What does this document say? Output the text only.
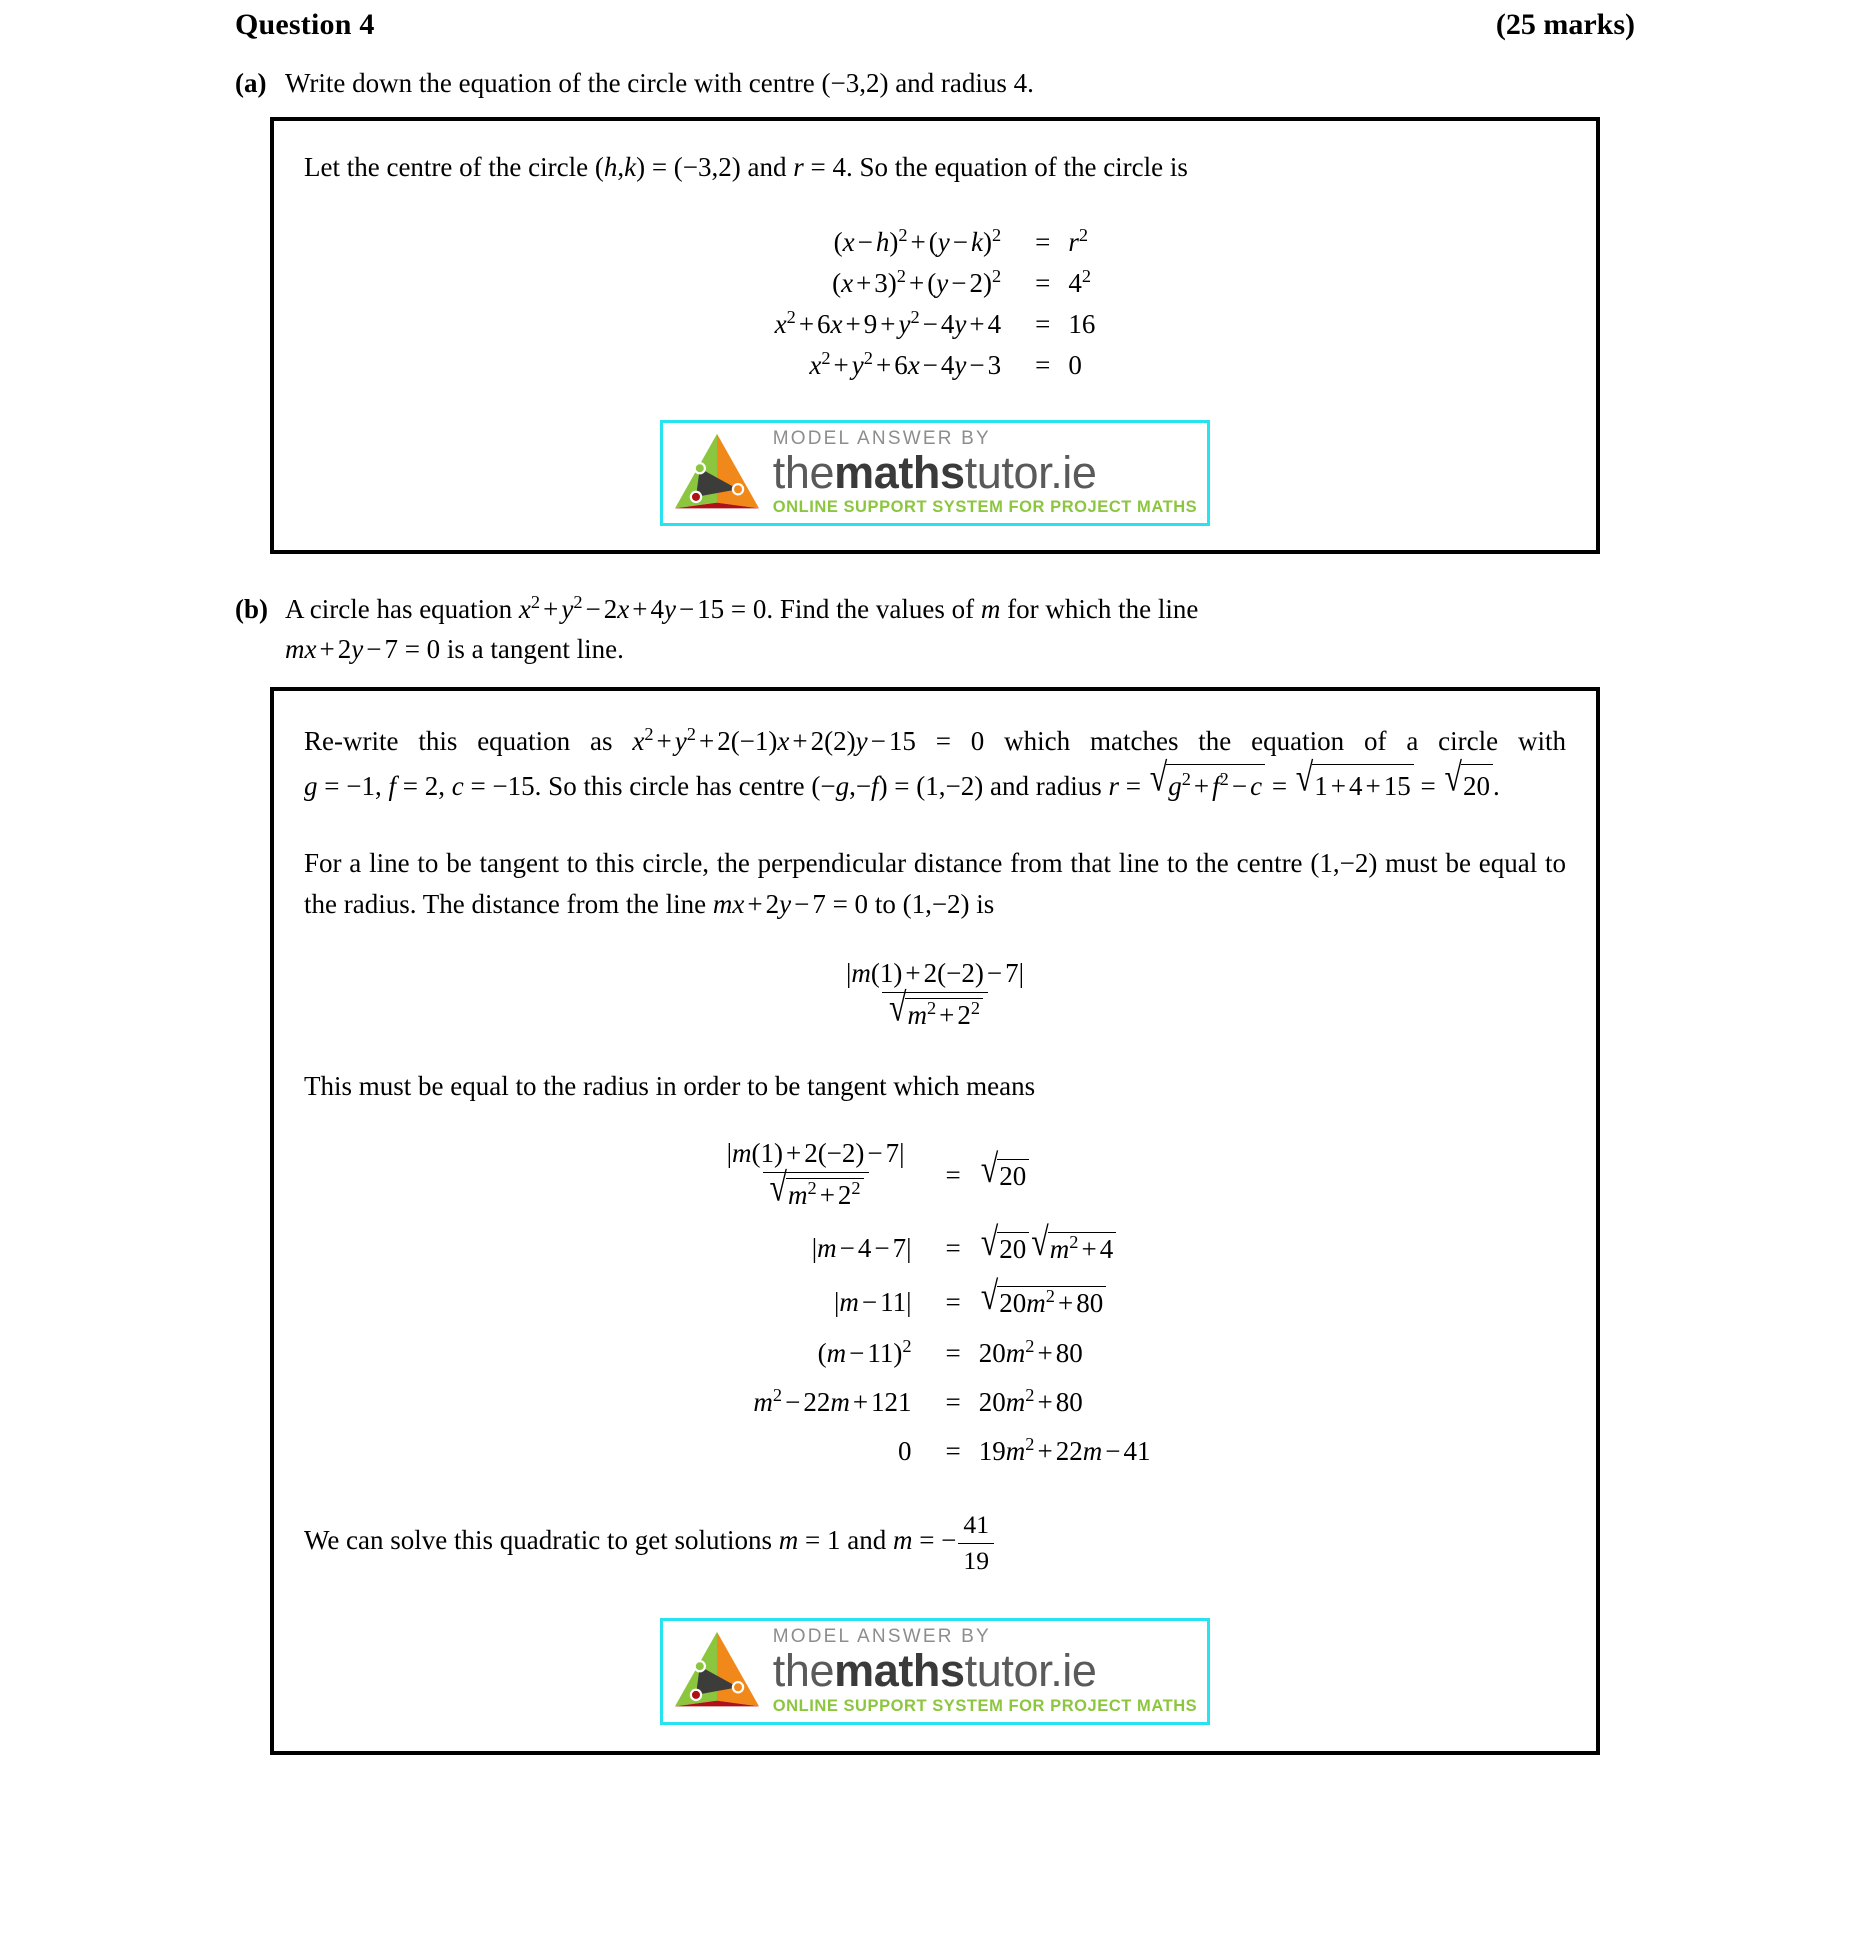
Question 4	(25 marks)
(a) Write down the equation of the circle with centre (−3,2) and radius 4.
Let the centre of the circle (h,k) = (−3,2) and r = 4. So the equation of the circle is
$(x - h)^2 + (y - k)^2$	=	$r^2$
$(x + 3)^2 + (y - 2)^2$	=	$4^2$
$x^2 + 6x + 9 + y^2 - 4y + 4$	=	16
$x^2 + y^2 + 6x - 4y - 3$	=	0
MODEL ANSWER BY
themathstutor.ie
ONLINE SUPPORT SYSTEM FOR PROJECT MATHS
(b) A circle has equation $x^2 + y^2 - 2x + 4y - 15 = 0$. Find the values of m for which the line
mx + 2y − 7 = 0 is a tangent line.
Re-write this equation as $x^2 + y^2 + 2(-1)x + 2(2)y - 15 = 0$ which matches the equation of a circle with g = −1, f = 2, c = −15. So this circle has centre (−g,−f) = (1,−2) and radius $r = √g^2 + f^2 - c = √1 + 4 + 15 = √20$ .
For a line to be tangent to this circle, the perpendicular distance from that line to the centre (1,−2) must be equal to the radius. The distance from the line mx + 2y − 7 = 0 to (1,−2) is
| $\frac{m(1) + 2(-2) - 7 |}{√m^2 + 2^2}$
This must be equal to the radius in order to be tangent which means
| $\frac{m(1) + 2(-2) - 7 |}{√m^2 + 2^2}$	=	√20
| m − 4 − 7 |	=	√20 $√m^2 + 4$
| m − 11 |	=	$√20m^2 + 80$
$(m - 11)^2$	=	$20m^2 + 80$
$m^2 - 22m + 121$	=	$20m^2 + 80$
0	=	$19m^2 + 22m - 41$
We can solve this quadratic to get solutions m = 1 and m = − $\frac{41}{19}$
MODEL ANSWER BY
themathstutor.ie
ONLINE SUPPORT SYSTEM FOR PROJECT MATHS
